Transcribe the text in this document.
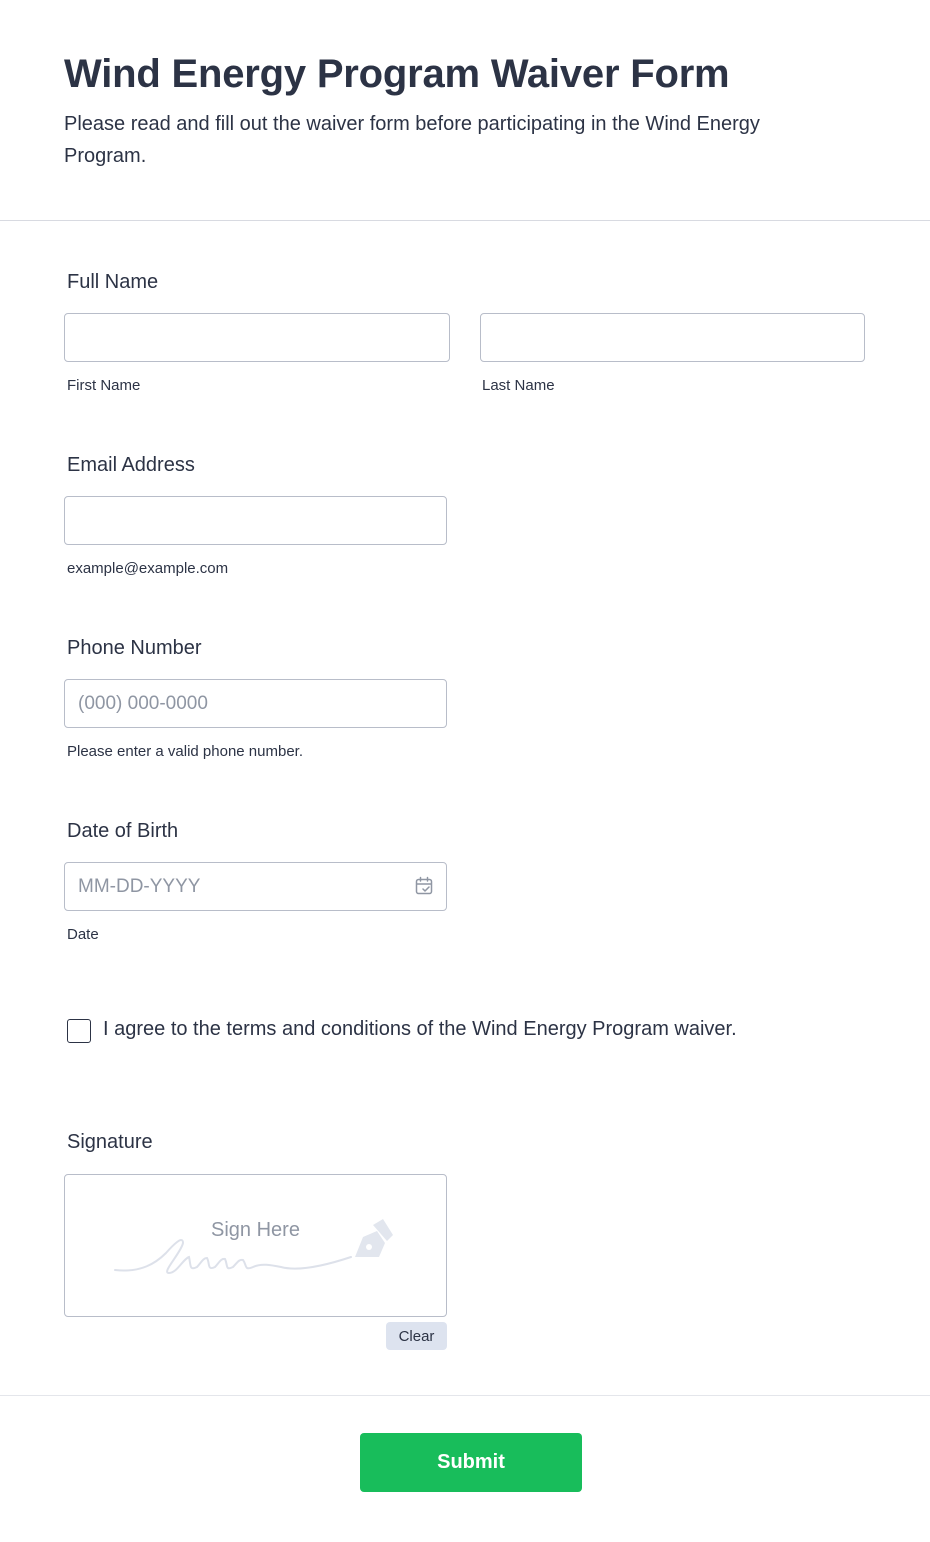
Wind Energy Program Waiver Form

Please read and fill out the waiver form before participating in the Wind Energy Program.

Full Name
First Name	Last Name
Email Address
example@example.com
Phone Number
(000) 000-0000
Please enter a valid phone number.
Date of Birth
MM-DD-YYYY
Date
I agree to the terms and conditions of the Wind Energy Program waiver.
Signature
Sign Here
Clear
Submit
